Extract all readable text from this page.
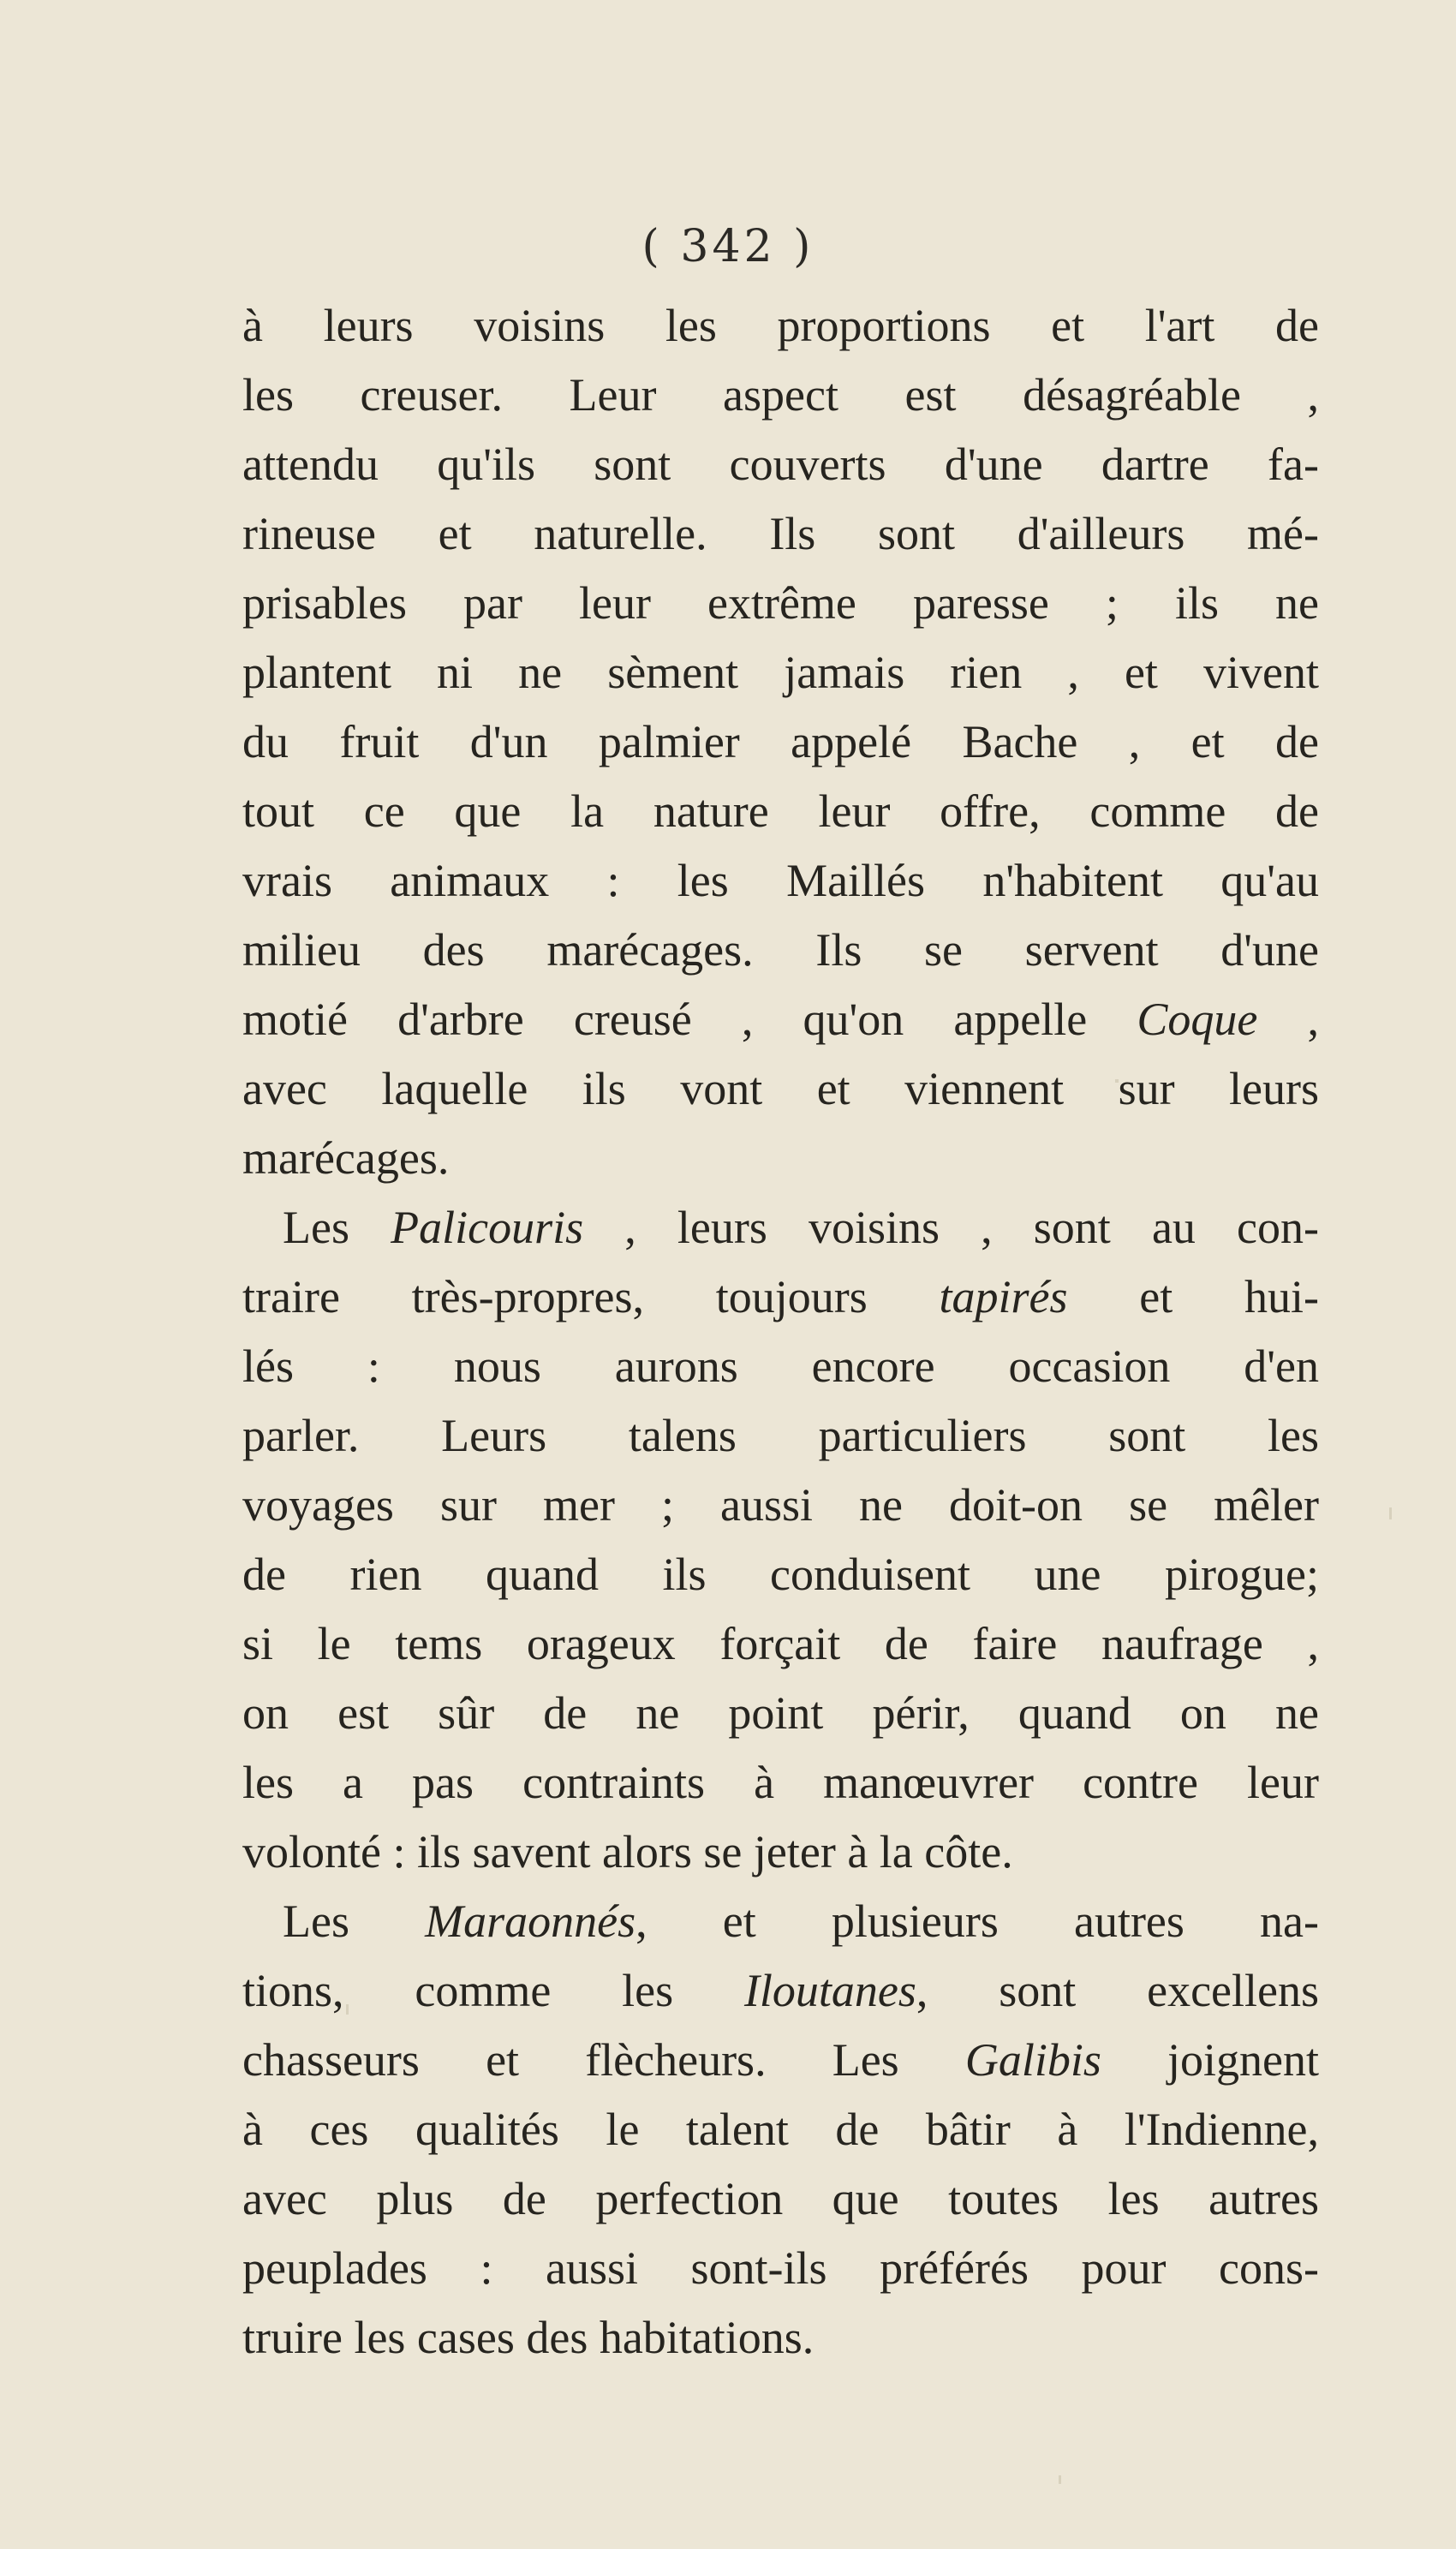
( 342 )
à leurs voisins les proportions et l'art de
les creuser. Leur aspect est désagréable ,
attendu qu'ils sont couverts d'une dartre fa-
rineuse et naturelle. Ils sont d'ailleurs mé-
prisables par leur extrême paresse ; ils ne
plantent ni ne sèment jamais rien , et vivent
du fruit d'un palmier appelé Bache , et de
tout ce que la nature leur offre, comme de
vrais animaux : les Maillés n'habitent qu'au
milieu des marécages. Ils se servent d'une
motié d'arbre creusé , qu'on appelle Coque ,
avec laquelle ils vont et viennent sur leurs
marécages.
Les Palicouris , leurs voisins , sont au con-
traire très-propres, toujours tapirés et hui-
lés : nous aurons encore occasion d'en
parler. Leurs talens particuliers sont les
voyages sur mer ; aussi ne doit-on se mêler
de rien quand ils conduisent une pirogue;
si le tems orageux forçait de faire naufrage ,
on est sûr de ne point périr, quand on ne
les a pas contraints à manœuvrer contre leur
volonté : ils savent alors se jeter à la côte.
Les Maraonnés, et plusieurs autres na-
tions, comme les Iloutanes, sont excellens
chasseurs et flècheurs. Les Galibis joignent
à ces qualités le talent de bâtir à l'Indienne,
avec plus de perfection que toutes les autres
peuplades : aussi sont-ils préférés pour cons-
truire les cases des habitations.
